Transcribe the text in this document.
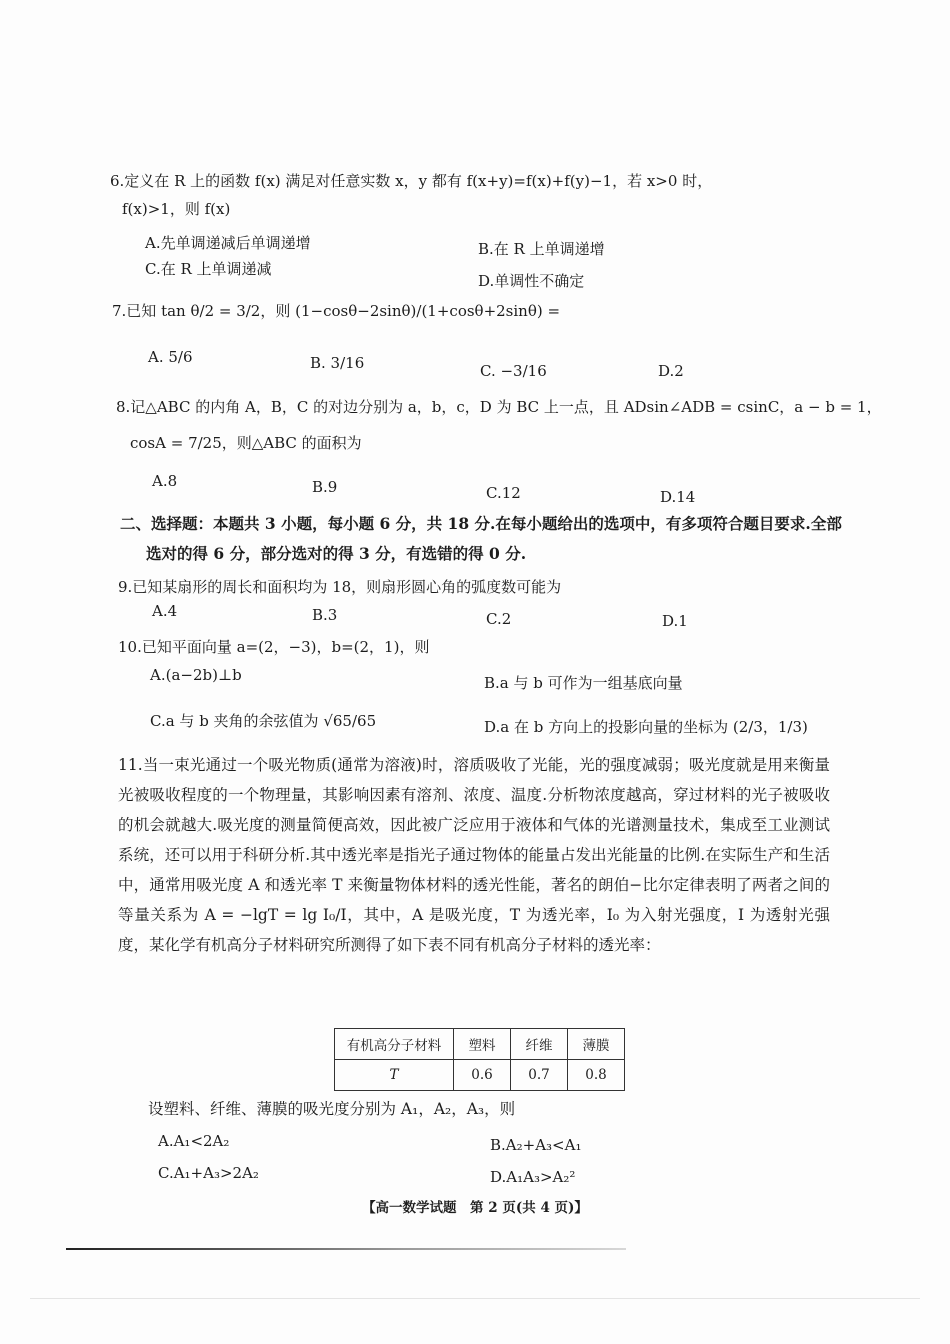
6.定义在 R 上的函数 f(x) 满足对任意实数 x，y 都有 f(x+y)=f(x)+f(y)−1，若 x>0 时，
f(x)>1，则 f(x)
A.先单调递减后单调递增	B.在 R 上单调递增
C.在 R 上单调递减
D.单调性不确定
7.已知 tan θ/2 = 3/2，则 (1−cosθ−2sinθ)/(1+cosθ+2sinθ) =
A. 5/6	B. 3/16	C. −3/16	D.2
8.记△ABC 的内角 A，B，C 的对边分别为 a，b，c，D 为 BC 上一点，且 ADsin∠ADB = csinC，a − b = 1，
cosA = 7/25，则△ABC 的面积为
A.8	B.9	C.12	D.14
二、选择题：本题共 3 小题，每小题 6 分，共 18 分.在每小题给出的选项中，有多项符合题目要求.全部
选对的得 6 分，部分选对的得 3 分，有选错的得 0 分.
9.已知某扇形的周长和面积均为 18，则扇形圆心角的弧度数可能为
A.4	B.3	C.2	D.1
10.已知平面向量 a=(2，−3)，b=(2，1)，则
A.(a−2b)⊥b	B.a 与 b 可作为一组基底向量
C.a 与 b 夹角的余弦值为 √65/65	D.a 在 b 方向上的投影向量的坐标为 (2/3，1/3)
11.当一束光通过一个吸光物质(通常为溶液)时，溶质吸收了光能，光的强度减弱；吸光度就是用来衡量光被吸收程度的一个物理量，其影响因素有溶剂、浓度、温度.分析物浓度越高，穿过材料的光子被吸收的机会就越大.吸光度的测量简便高效，因此被广泛应用于液体和气体的光谱测量技术，集成至工业测试系统，还可以用于科研分析.其中透光率是指光子通过物体的能量占发出光能量的比例.在实际生产和生活中，通常用吸光度 A 和透光率 T 来衡量物体材料的透光性能，著名的朗伯−比尔定律表明了两者之间的等量关系为 A = −lgT = lg I₀/I，其中，A 是吸光度，T 为透光率，I₀ 为入射光强度，I 为透射光强度，某化学有机高分子材料研究所测得了如下表不同有机高分子材料的透光率：
有机高分子材料	塑料	纤维	薄膜
T	0.6	0.7	0.8
设塑料、纤维、薄膜的吸光度分别为 A₁，A₂，A₃，则
A.A₁<2A₂	B.A₂+A₃<A₁
C.A₁+A₃>2A₂	D.A₁A₃>A₂²
【高一数学试题　第 2 页(共 4 页)】
